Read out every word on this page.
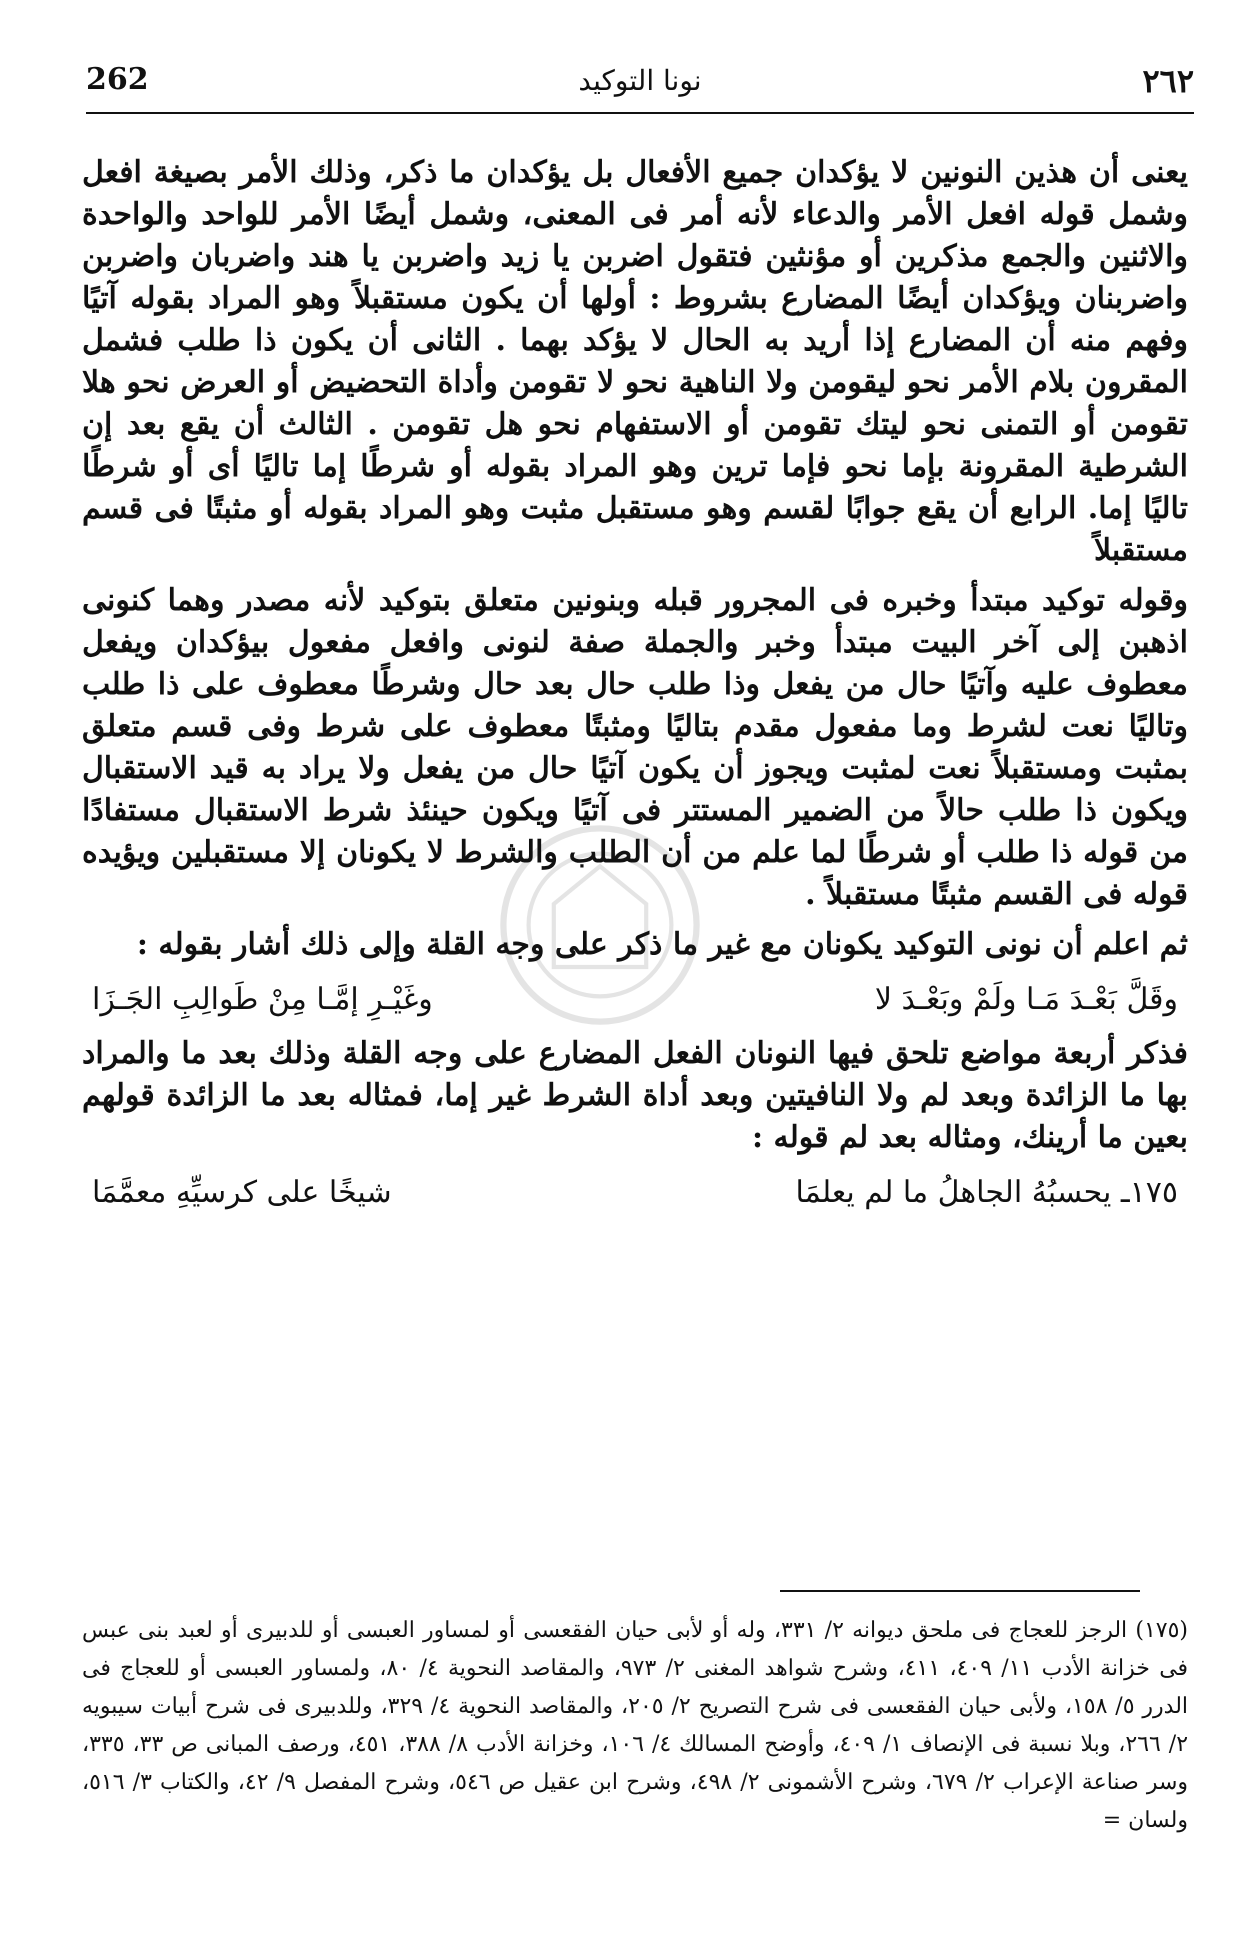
262	نونا التوكيد	٢٦٢

يعنى أن هذين النونين لا يؤكدان جميع الأفعال بل يؤكدان ما ذكر، وذلك الأمر بصيغة افعل وشمل قوله افعل الأمر والدعاء لأنه أمر فى المعنى، وشمل أيضًا الأمر للواحد والواحدة والاثنين والجمع مذكرين أو مؤنثين فتقول اضربن يا زيد واضربن يا هند واضربان واضربن واضربنان ويؤكدان أيضًا المضارع بشروط : أولها أن يكون مستقبلاً وهو المراد بقوله آتيًا وفهم منه أن المضارع إذا أريد به الحال لا يؤكد بهما . الثانى أن يكون ذا طلب فشمل المقرون بلام الأمر نحو ليقومن ولا الناهية نحو لا تقومن وأداة التحضيض أو العرض نحو هلا تقومن أو التمنى نحو ليتك تقومن أو الاستفهام نحو هل تقومن . الثالث أن يقع بعد إن الشرطية المقرونة بإما نحو فإما ترين وهو المراد بقوله أو شرطًا إما تاليًا أى أو شرطًا تاليًا إما. الرابع أن يقع جوابًا لقسم وهو مستقبل مثبت وهو المراد بقوله أو مثبتًا فى قسم مستقبلاً

وقوله توكيد مبتدأ وخبره فى المجرور قبله وبنونين متعلق بتوكيد لأنه مصدر وهما كنونى اذهبن إلى آخر البيت مبتدأ وخبر والجملة صفة لنونى وافعل مفعول بيؤكدان ويفعل معطوف عليه وآتيًا حال من يفعل وذا طلب حال بعد حال وشرطًا معطوف على ذا طلب وتاليًا نعت لشرط وما مفعول مقدم بتاليًا ومثبتًا معطوف على شرط وفى قسم متعلق بمثبت ومستقبلاً نعت لمثبت ويجوز أن يكون آتيًا حال من يفعل ولا يراد به قيد الاستقبال ويكون ذا طلب حالاً من الضمير المستتر فى آتيًا ويكون حينئذ شرط الاستقبال مستفادًا من قوله ذا طلب أو شرطًا لما علم من أن الطلب والشرط لا يكونان إلا مستقبلين ويؤيده قوله فى القسم مثبتًا مستقبلاً .

ثم اعلم أن نونى التوكيد يكونان مع غير ما ذكر على وجه القلة وإلى ذلك أشار بقوله :

وقَلَّ بَعْـدَ مَـا ولَمْ وبَعْـدَ لا
وغَيْـرِ إمَّـا مِنْ طَوالِبِ الجَـزَا

فذكر أربعة مواضع تلحق فيها النونان الفعل المضارع على وجه القلة وذلك بعد ما والمراد بها ما الزائدة وبعد لم ولا النافيتين وبعد أداة الشرط غير إما، فمثاله بعد ما الزائدة قولهم بعين ما أرينك، ومثاله بعد لم قوله :

١٧٥ـ يحسبُهُ الجاهلُ ما لم يعلمَا
شيخًا على كرسيِّهِ معمَّمَا
(١٧٥) الرجز للعجاج فى ملحق ديوانه ٢/ ٣٣١، وله أو لأبى حيان الفقعسى أو لمساور العبسى أو للدبيرى أو لعبد بنى عبس فى خزانة الأدب ١١/ ٤٠٩، ٤١١، وشرح شواهد المغنى ٢/ ٩٧٣، والمقاصد النحوية ٤/ ٨٠، ولمساور العبسى أو للعجاج فى الدرر ٥/ ١٥٨، ولأبى حيان الفقعسى فى شرح التصريح ٢/ ٢٠٥، والمقاصد النحوية ٤/ ٣٢٩، وللدبيرى فى شرح أبيات سيبويه ٢/ ٢٦٦، وبلا نسبة فى الإنصاف ١/ ٤٠٩، وأوضح المسالك ٤/ ١٠٦، وخزانة الأدب ٨/ ٣٨٨، ٤٥١، ورصف المبانى ص ٣٣، ٣٣٥، وسر صناعة الإعراب ٢/ ٦٧٩، وشرح الأشمونى ٢/ ٤٩٨، وشرح ابن عقيل ص ٥٤٦، وشرح المفصل ٩/ ٤٢، والكتاب ٣/ ٥١٦، ولسان =
